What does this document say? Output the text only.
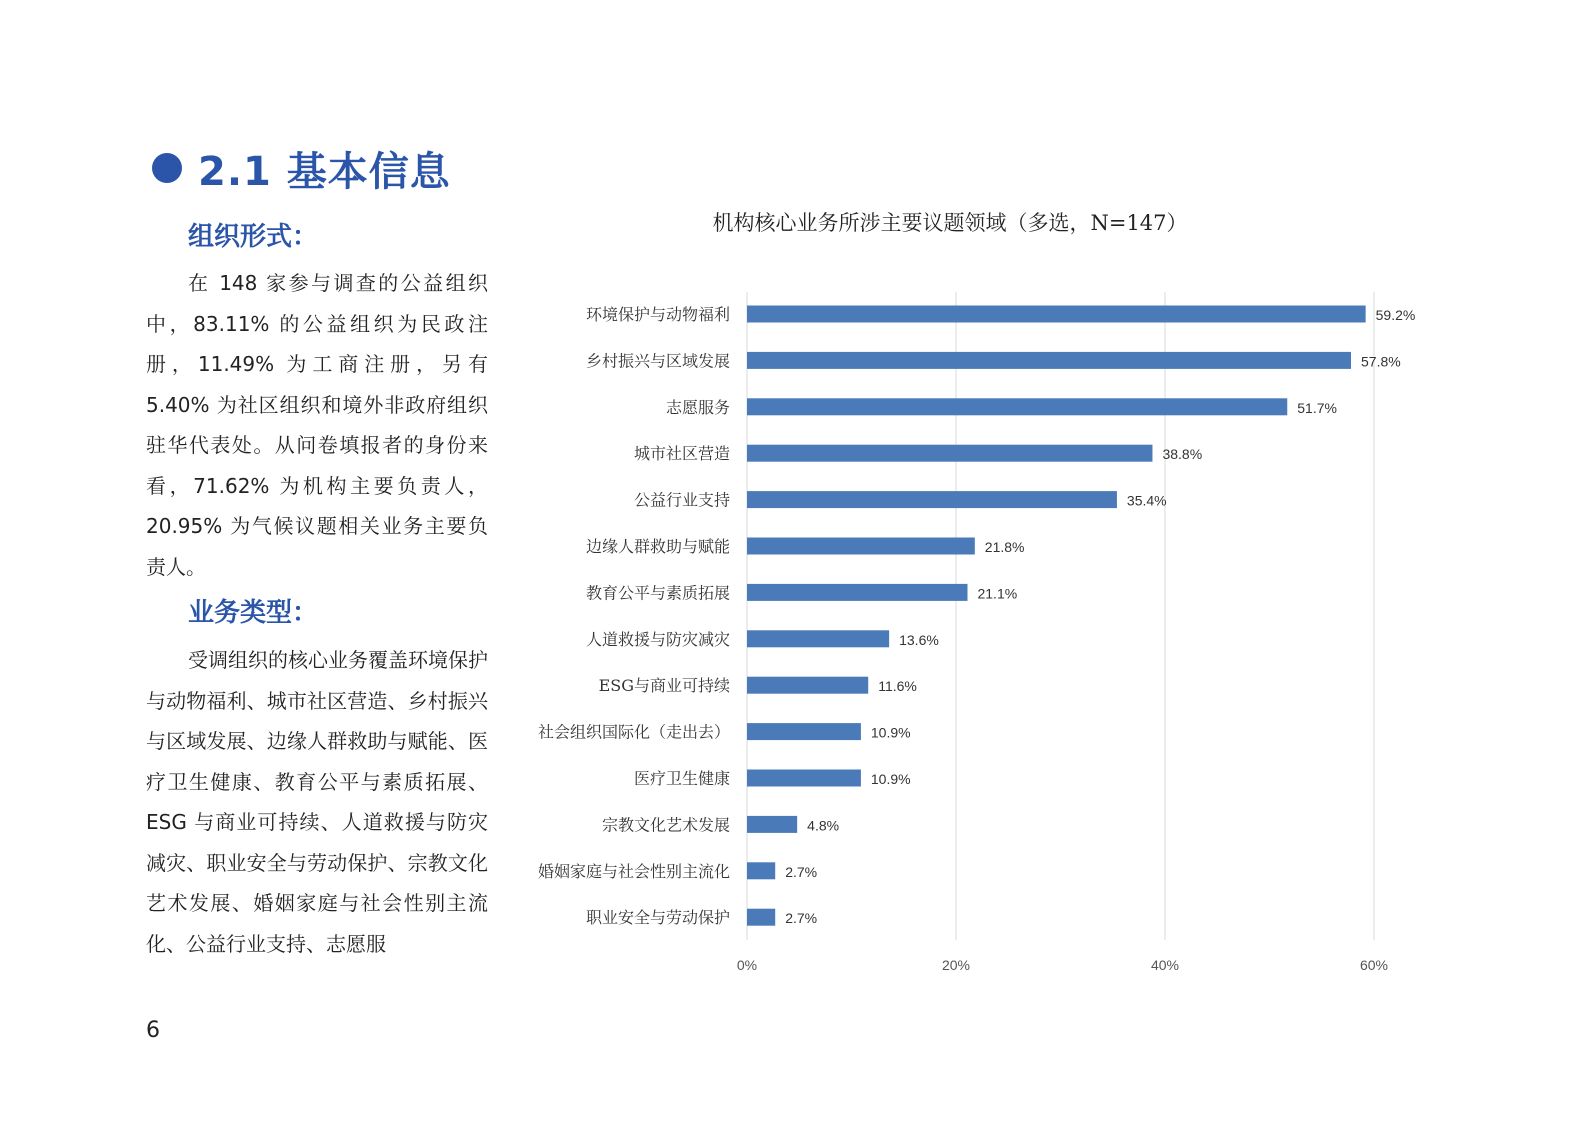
2.1 基本信息
组织形式：
在 148 家参与调查的公益组织中，83.11% 的公益组织为民政注册，11.49% 为工商注册，另有 5.40% 为社区组织和境外非政府组织驻华代表处。从问卷填报者的身份来看，71.62% 为机构主要负责人，20.95% 为气候议题相关业务主要负责人。
业务类型：
受调组织的核心业务覆盖环境保护与动物福利、城市社区营造、乡村振兴与区域发展、边缘人群救助与赋能、医疗卫生健康、教育公平与素质拓展、ESG 与商业可持续、人道救援与防灾减灾、职业安全与劳动保护、宗教文化艺术发展、婚姻家庭与社会性别主流化、公益行业支持、志愿服
6
机构核心业务所涉主要议题领域（多选，N=147）
0%	20%	40%	60%
环境保护与动物福利	59.2%
乡村振兴与区域发展	57.8%
志愿服务	51.7%
城市社区营造	38.8%
公益行业支持	35.4%
边缘人群救助与赋能	21.8%
教育公平与素质拓展	21.1%
人道救援与防灾减灾	13.6%
ESG与商业可持续	11.6%
社会组织国际化（走出去）	10.9%
医疗卫生健康	10.9%
宗教文化艺术发展	4.8%
婚姻家庭与社会性别主流化	2.7%
职业安全与劳动保护	2.7%
